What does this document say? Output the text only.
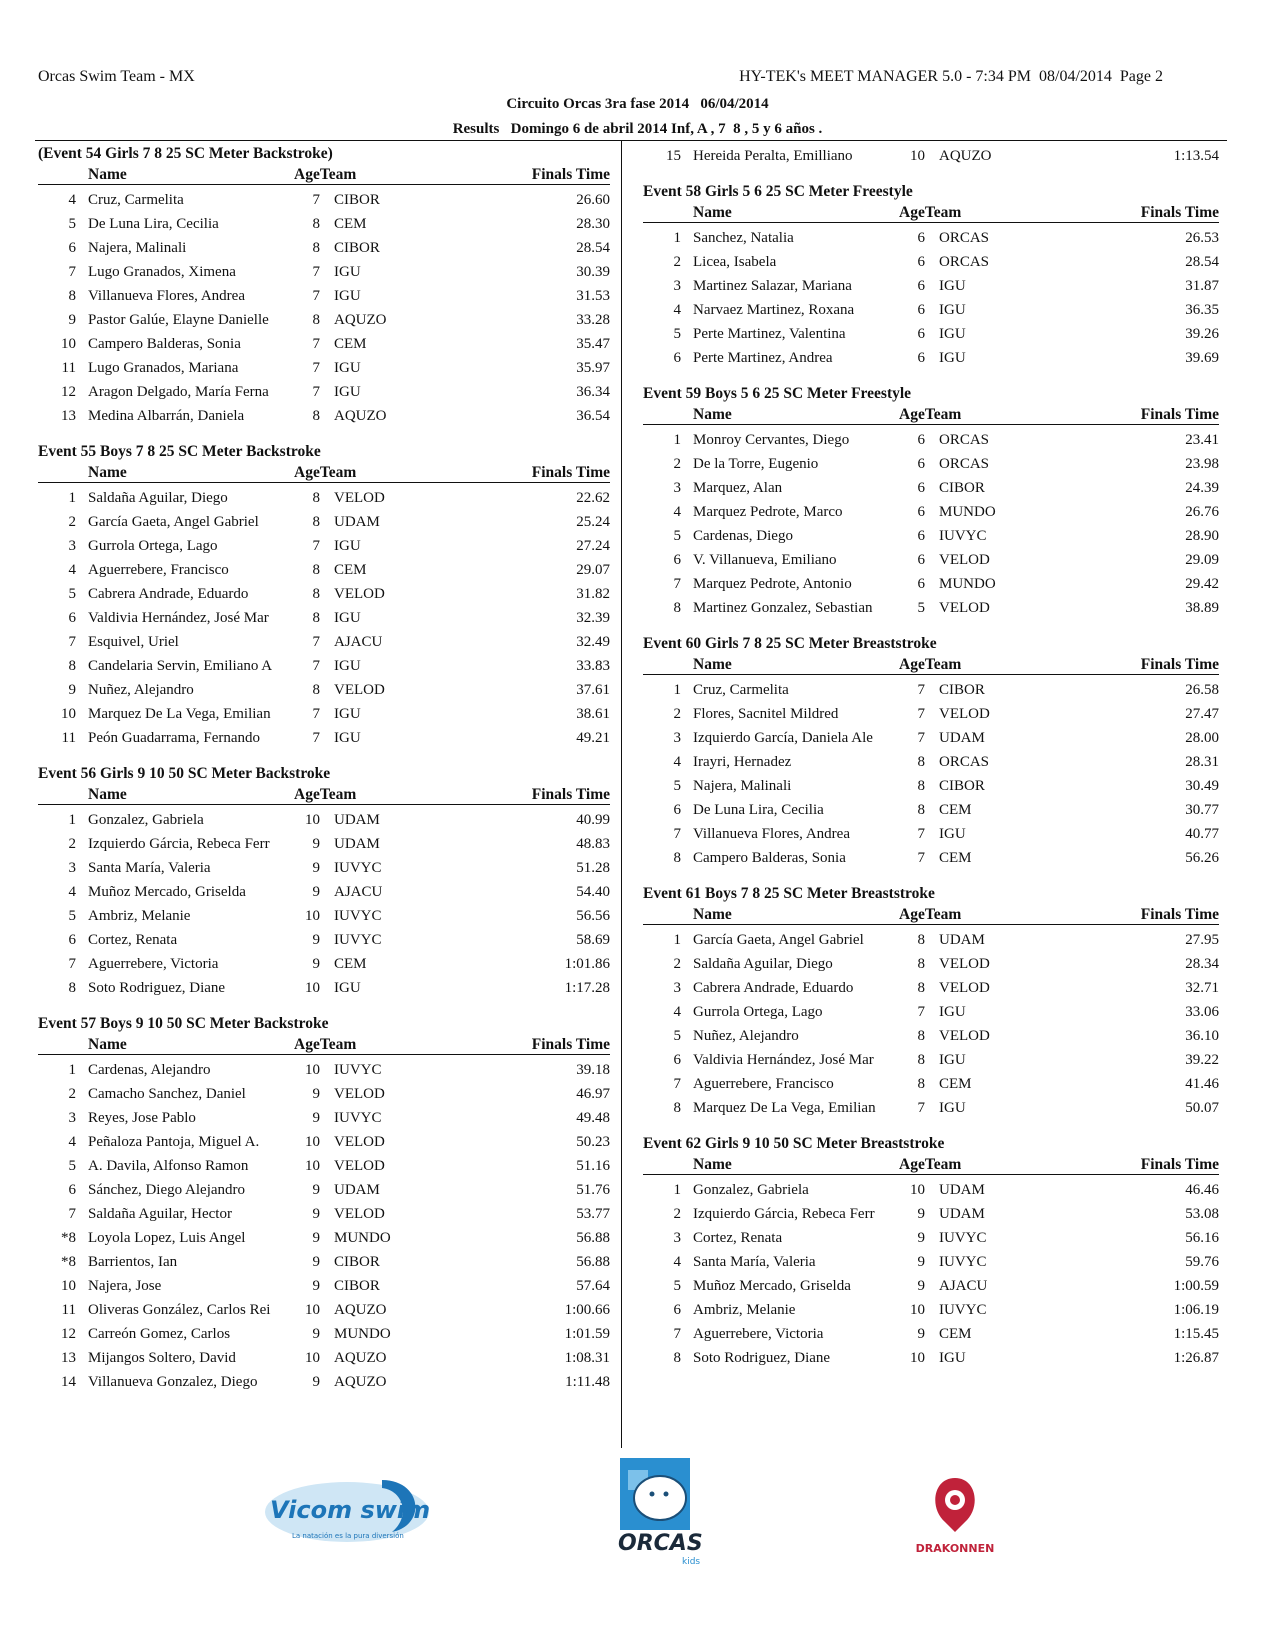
Orcas Swim Team - MX	HY-TEK's MEET MANAGER 5.0 - 7:34 PM  08/04/2014  Page 2
Circuito Orcas 3ra fase 2014   06/04/2014
Results   Domingo 6 de abril 2014 Inf, A , 7  8 , 5 y 6 años .
(Event 54 Girls 7 8 25 SC Meter Backstroke)
Name	AgeTeam	Finals Time
4 Cruz, Carmelita	7 CIBOR	26.60
5 De Luna Lira, Cecilia	8 CEM	28.30
6 Najera, Malinali	8 CIBOR	28.54
7 Lugo Granados, Ximena	7 IGU	30.39
8 Villanueva Flores, Andrea	7 IGU	31.53
9 Pastor Galúe, Elayne Danielle	8 AQUZO	33.28
10 Campero Balderas, Sonia	7 CEM	35.47
11 Lugo Granados, Mariana	7 IGU	35.97
12 Aragon Delgado, María Ferna	7 IGU	36.34
13 Medina Albarrán, Daniela	8 AQUZO	36.54
Event 55 Boys 7 8 25 SC Meter Backstroke
Name	AgeTeam	Finals Time
1 Saldaña Aguilar, Diego	8 VELOD	22.62
2 García Gaeta, Angel Gabriel	8 UDAM	25.24
3 Gurrola Ortega, Lago	7 IGU	27.24
4 Aguerrebere, Francisco	8 CEM	29.07
5 Cabrera Andrade, Eduardo	8 VELOD	31.82
6 Valdivia Hernández, José Mar	8 IGU	32.39
7 Esquivel, Uriel	7 AJACU	32.49
8 Candelaria Servin, Emiliano A	7 IGU	33.83
9 Nuñez, Alejandro	8 VELOD	37.61
10 Marquez De La Vega, Emilian	7 IGU	38.61
11 Peón Guadarrama, Fernando	7 IGU	49.21
Event 56 Girls 9 10 50 SC Meter Backstroke
Name	AgeTeam	Finals Time
1 Gonzalez, Gabriela	10 UDAM	40.99
2 Izquierdo Gárcia, Rebeca Ferr	9 UDAM	48.83
3 Santa María, Valeria	9 IUVYC	51.28
4 Muñoz Mercado, Griselda	9 AJACU	54.40
5 Ambriz, Melanie	10 IUVYC	56.56
6 Cortez, Renata	9 IUVYC	58.69
7 Aguerrebere, Victoria	9 CEM	1:01.86
8 Soto Rodriguez, Diane	10 IGU	1:17.28
Event 57 Boys 9 10 50 SC Meter Backstroke
Name	AgeTeam	Finals Time
1 Cardenas, Alejandro	10 IUVYC	39.18
2 Camacho Sanchez, Daniel	9 VELOD	46.97
3 Reyes, Jose Pablo	9 IUVYC	49.48
4 Peñaloza Pantoja, Miguel A.	10 VELOD	50.23
5 A. Davila, Alfonso Ramon	10 VELOD	51.16
6 Sánchez, Diego Alejandro	9 UDAM	51.76
7 Saldaña Aguilar, Hector	9 VELOD	53.77
*8 Loyola Lopez, Luis Angel	9 MUNDO	56.88
*8 Barrientos, Ian	9 CIBOR	56.88
10 Najera, Jose	9 CIBOR	57.64
11 Oliveras González, Carlos Rei	10 AQUZO	1:00.66
12 Carreón Gomez, Carlos	9 MUNDO	1:01.59
13 Mijangos Soltero, David	10 AQUZO	1:08.31
14 Villanueva Gonzalez, Diego	9 AQUZO	1:11.48
15 Hereida Peralta, Emilliano	10 AQUZO	1:13.54
Event 58 Girls 5 6 25 SC Meter Freestyle
Name	AgeTeam	Finals Time
1 Sanchez, Natalia	6 ORCAS	26.53
2 Licea, Isabela	6 ORCAS	28.54
3 Martinez Salazar, Mariana	6 IGU	31.87
4 Narvaez Martinez, Roxana	6 IGU	36.35
5 Perte Martinez, Valentina	6 IGU	39.26
6 Perte Martinez, Andrea	6 IGU	39.69
Event 59 Boys 5 6 25 SC Meter Freestyle
Name	AgeTeam	Finals Time
1 Monroy Cervantes, Diego	6 ORCAS	23.41
2 De la Torre, Eugenio	6 ORCAS	23.98
3 Marquez, Alan	6 CIBOR	24.39
4 Marquez Pedrote, Marco	6 MUNDO	26.76
5 Cardenas, Diego	6 IUVYC	28.90
6 V. Villanueva, Emiliano	6 VELOD	29.09
7 Marquez Pedrote, Antonio	6 MUNDO	29.42
8 Martinez Gonzalez, Sebastian	5 VELOD	38.89
Event 60 Girls 7 8 25 SC Meter Breaststroke
Name	AgeTeam	Finals Time
1 Cruz, Carmelita	7 CIBOR	26.58
2 Flores, Sacnitel Mildred	7 VELOD	27.47
3 Izquierdo García, Daniela Ale	7 UDAM	28.00
4 Irayri, Hernadez	8 ORCAS	28.31
5 Najera, Malinali	8 CIBOR	30.49
6 De Luna Lira, Cecilia	8 CEM	30.77
7 Villanueva Flores, Andrea	7 IGU	40.77
8 Campero Balderas, Sonia	7 CEM	56.26
Event 61 Boys 7 8 25 SC Meter Breaststroke
Name	AgeTeam	Finals Time
1 García Gaeta, Angel Gabriel	8 UDAM	27.95
2 Saldaña Aguilar, Diego	8 VELOD	28.34
3 Cabrera Andrade, Eduardo	8 VELOD	32.71
4 Gurrola Ortega, Lago	7 IGU	33.06
5 Nuñez, Alejandro	8 VELOD	36.10
6 Valdivia Hernández, José Mar	8 IGU	39.22
7 Aguerrebere, Francisco	8 CEM	41.46
8 Marquez De La Vega, Emilian	7 IGU	50.07
Event 62 Girls 9 10 50 SC Meter Breaststroke
Name	AgeTeam	Finals Time
1 Gonzalez, Gabriela	10 UDAM	46.46
2 Izquierdo Gárcia, Rebeca Ferr	9 UDAM	53.08
3 Cortez, Renata	9 IUVYC	56.16
4 Santa María, Valeria	9 IUVYC	59.76
5 Muñoz Mercado, Griselda	9 AJACU	1:00.59
6 Ambriz, Melanie	10 IUVYC	1:06.19
7 Aguerrebere, Victoria	9 CEM	1:15.45
8 Soto Rodriguez, Diane	10 IGU	1:26.87
Vicom swim
La natación es la pura diversión	ORCAS
kids
DRAKONNEN
